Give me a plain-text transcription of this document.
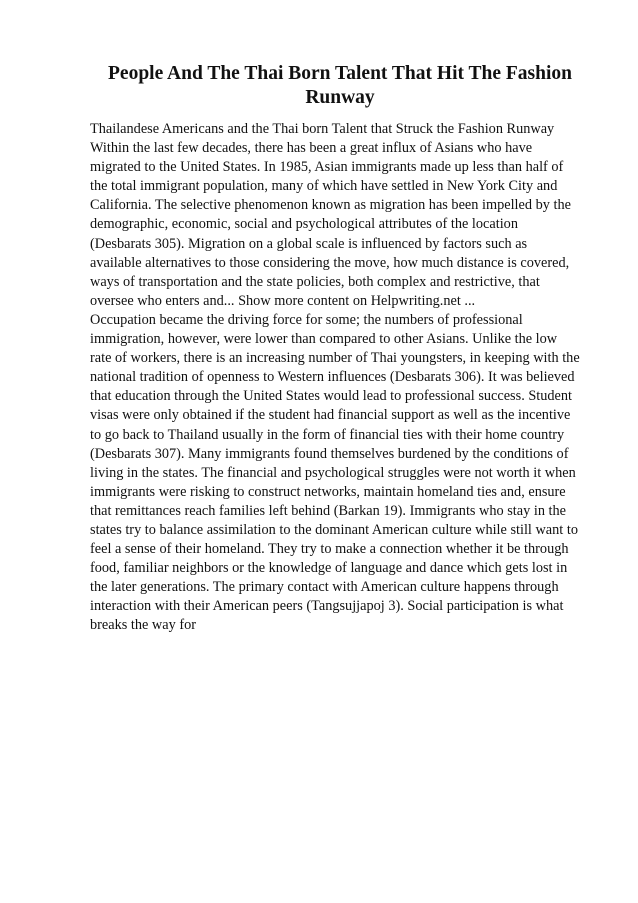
People And The Thai Born Talent That Hit The Fashion
Runway
Thailandese Americans and the Thai born Talent that Struck the Fashion Runway
Within the last few decades, there has been a great influx of Asians who have
migrated to the United States. In 1985, Asian immigrants made up less than half of
the total immigrant population, many of which have settled in New York City and
California. The selective phenomenon known as migration has been impelled by the
demographic, economic, social and psychological attributes of the location
(Desbarats 305). Migration on a global scale is influenced by factors such as
available alternatives to those considering the move, how much distance is covered,
ways of transportation and the state policies, both complex and restrictive, that
oversee who enters and... Show more content on Helpwriting.net ...
Occupation became the driving force for some; the numbers of professional
immigration, however, were lower than compared to other Asians. Unlike the low
rate of workers, there is an increasing number of Thai youngsters, in keeping with the
national tradition of openness to Western influences (Desbarats 306). It was believed
that education through the United States would lead to professional success. Student
visas were only obtained if the student had financial support as well as the incentive
to go back to Thailand usually in the form of financial ties with their home country
(Desbarats 307). Many immigrants found themselves burdened by the conditions of
living in the states. The financial and psychological struggles were not worth it when
immigrants were risking to construct networks, maintain homeland ties and, ensure
that remittances reach families left behind (Barkan 19). Immigrants who stay in the
states try to balance assimilation to the dominant American culture while still want to
feel a sense of their homeland. They try to make a connection whether it be through
food, familiar neighbors or the knowledge of language and dance which gets lost in
the later generations. The primary contact with American culture happens through
interaction with their American peers (Tangsujjapoj 3). Social participation is what
breaks the way for
